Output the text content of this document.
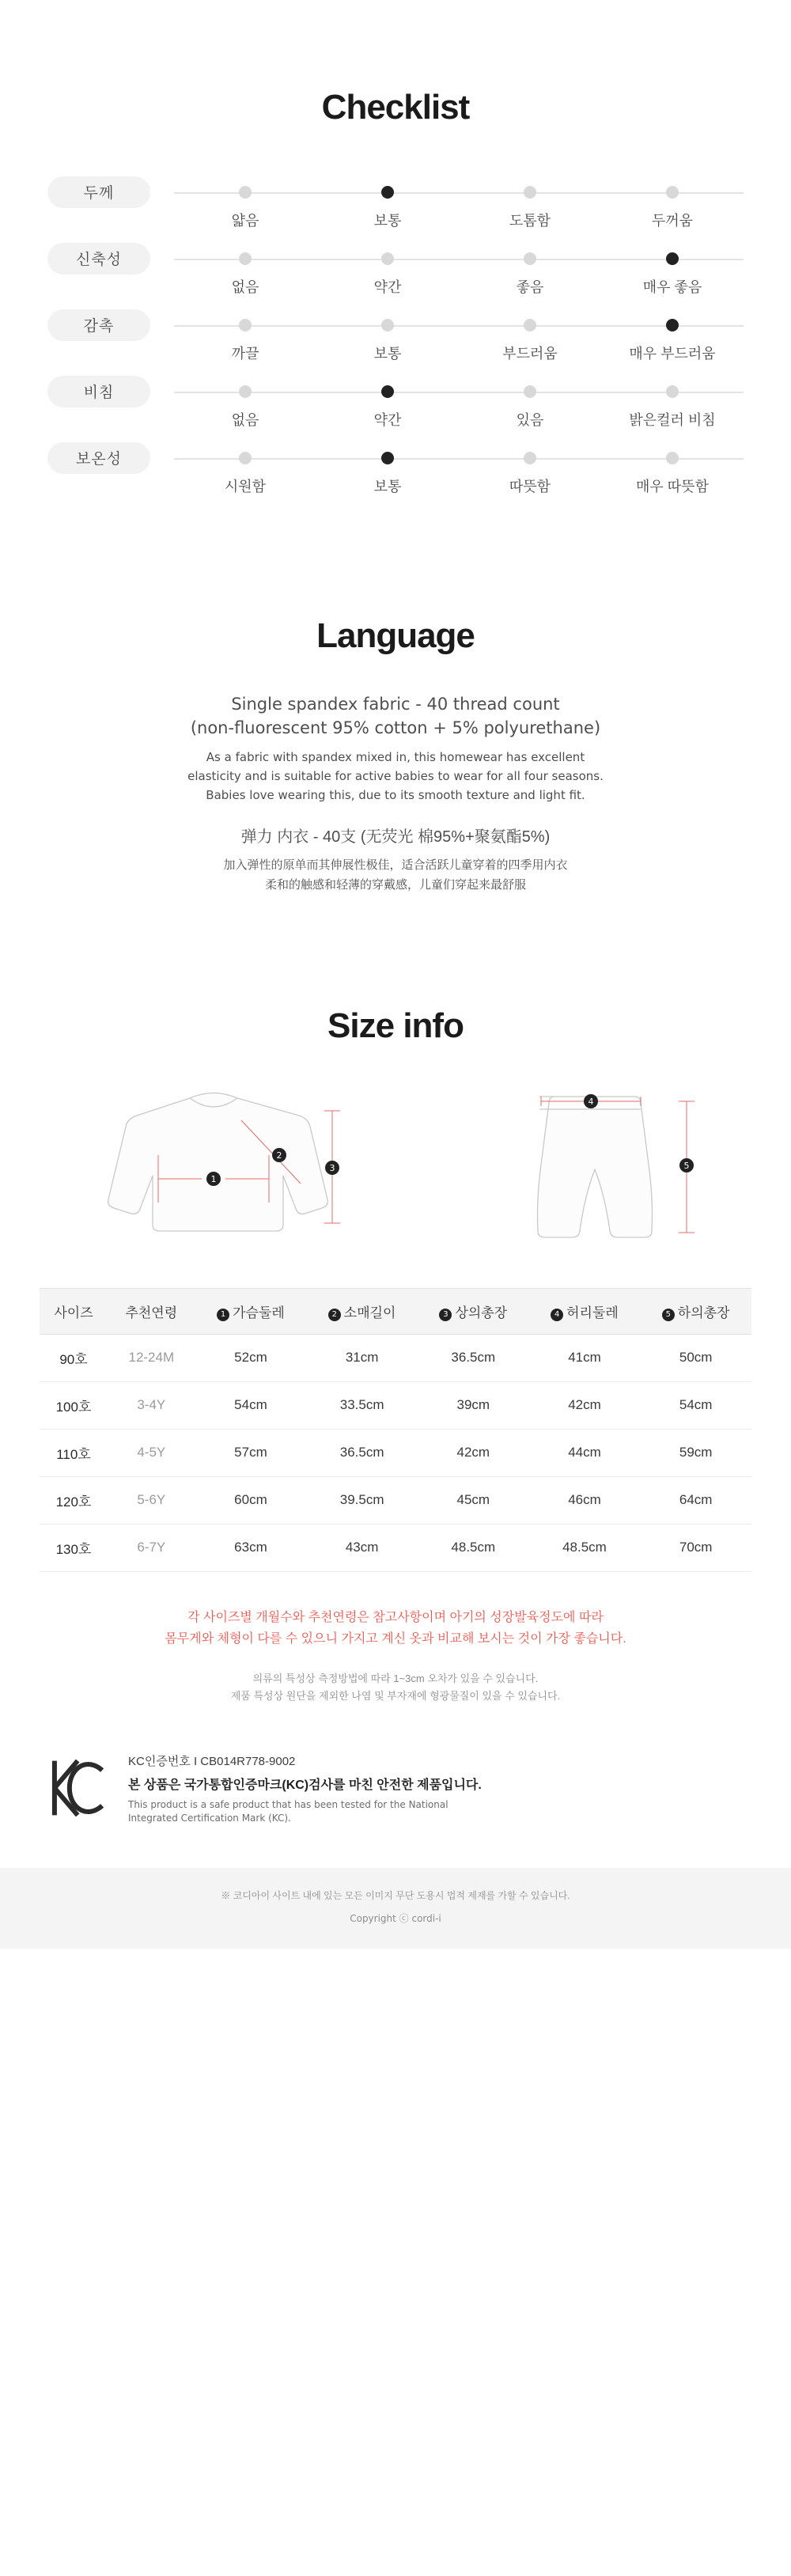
Checklist
두께
얇음	보통	도톰함	두꺼움
신축성
없음	약간	좋음	매우 좋음
감촉
까끌	보통	부드러움	매우 부드러움
비침
없음	약간	있음	밝은컬러 비침
보온성
시원함	보통	따뜻함	매우 따뜻함
Language
Single spandex fabric - 40 thread count
(non-fluorescent 95% cotton + 5% polyurethane)
As a fabric with spandex mixed in, this homewear has excellent
elasticity and is suitable for active babies to wear for all four seasons.
Babies love wearing this, due to its smooth texture and light fit.
弹力 内衣 - 40支 (无荧光 棉95%+聚氨酯5%)
加入弹性的原单而其伸展性极佳，适合活跃儿童穿着的四季用内衣
柔和的触感和轻薄的穿戴感，儿童们穿起来最舒服
Size info
1
2
3
4
5
사이즈	추천연령	1 가슴둘레	2 소매길이	3 상의총장	4 허리둘레	5 하의총장
90호	12-24M	52cm	31cm	36.5cm	41cm	50cm
100호	3-4Y	54cm	33.5cm	39cm	42cm	54cm
110호	4-5Y	57cm	36.5cm	42cm	44cm	59cm
120호	5-6Y	60cm	39.5cm	45cm	46cm	64cm
130호	6-7Y	63cm	43cm	48.5cm	48.5cm	70cm
각 사이즈별 개월수와 추천연령은 참고사항이며 아기의 성장발육정도에 따라
몸무게와 체형이 다를 수 있으니 가지고 계신 옷과 비교해 보시는 것이 가장 좋습니다.
의류의 특성상 측정방법에 따라 1~3cm 오차가 있을 수 있습니다.
제품 특성상 원단을 제외한 나염 및 부자재에 형광물질이 있을 수 있습니다.
KC인증번호 I CB014R778-9002
본 상품은 국가통합인증마크(KC)검사를 마친 안전한 제품입니다.
This product is a safe product that has been tested for the National
Integrated Certification Mark (KC).
※ 코디아이 사이트 내에 있는 모든 이미지 무단 도용시 법적 제재를 가할 수 있습니다.
Copyright ⓒ cordi-i
